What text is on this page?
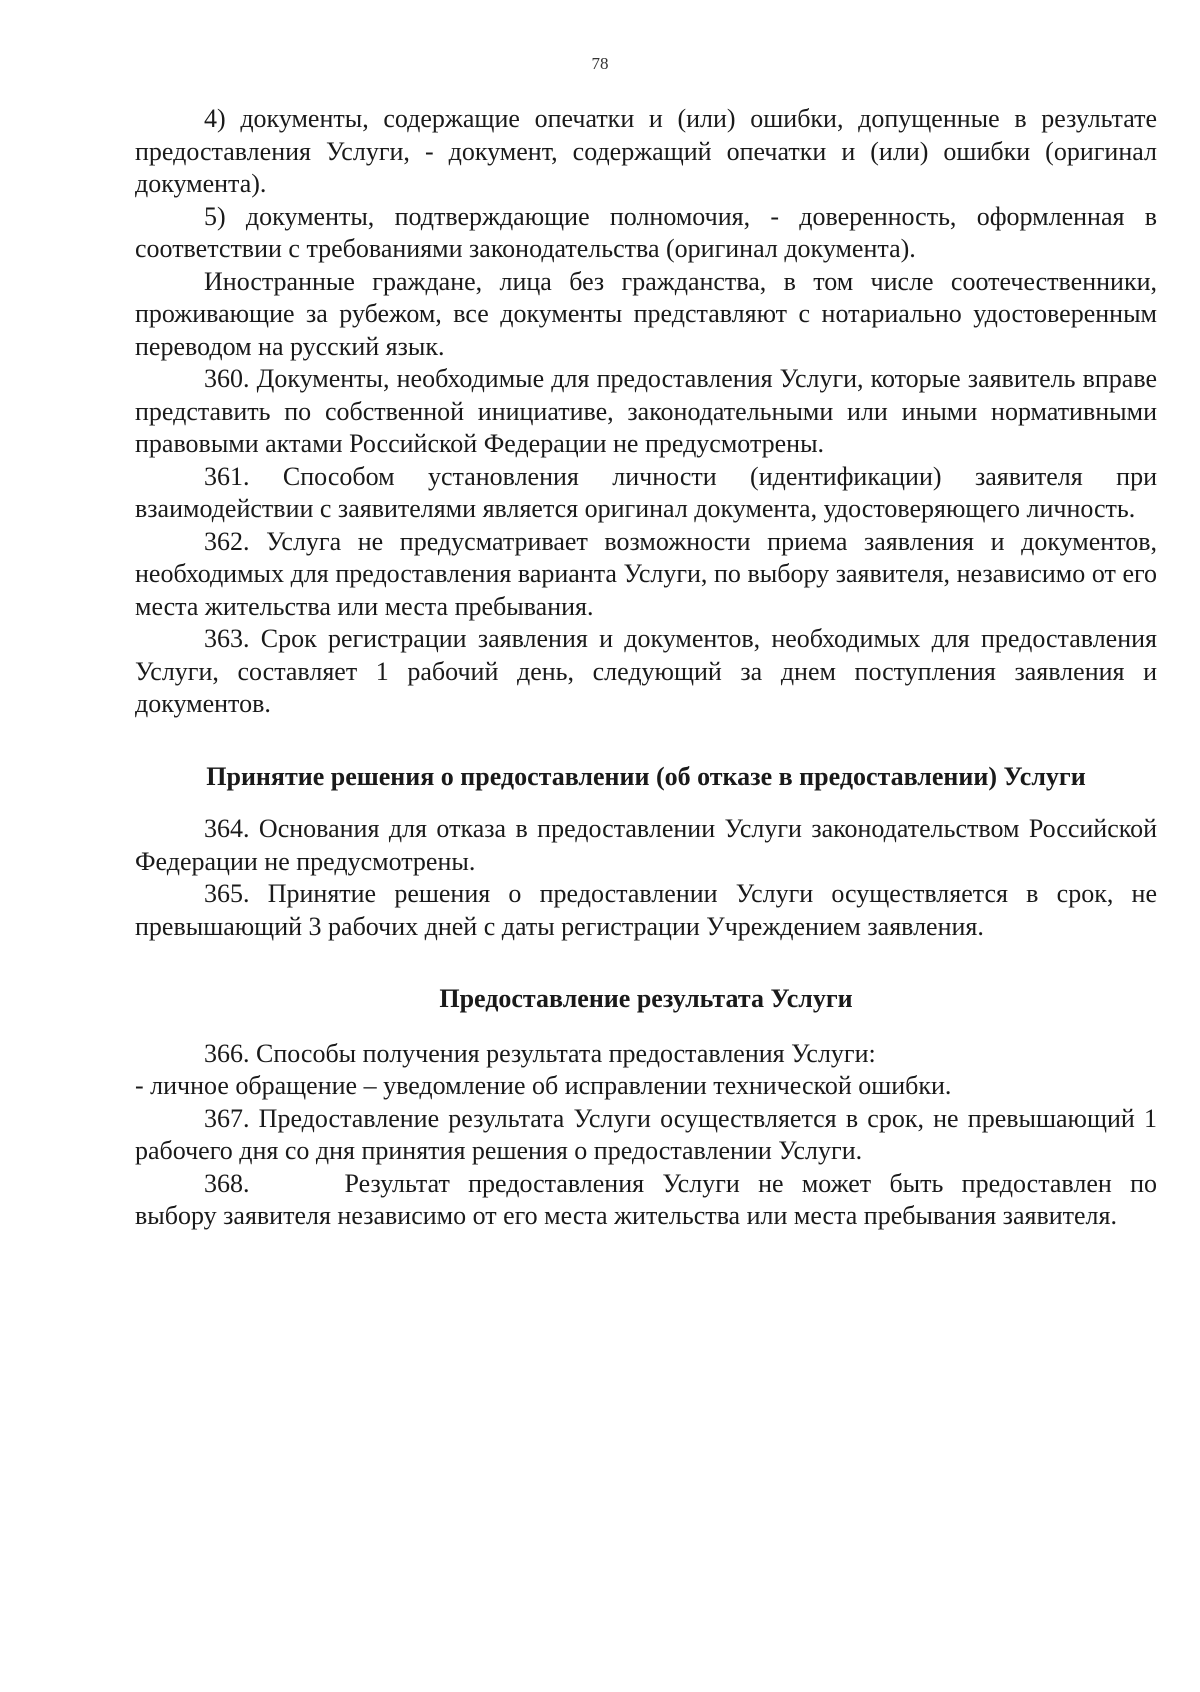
78

4) документы, содержащие опечатки и (или) ошибки, допущенные в результате предоставления Услуги, - документ, содержащий опечатки и (или) ошибки (оригинал документа).

5) документы, подтверждающие полномочия, - доверенность, оформленная в соответствии с требованиями законодательства (оригинал документа).

Иностранные граждане, лица без гражданства, в том числе соотечественники, проживающие за рубежом, все документы представляют с нотариально удостоверенным переводом на русский язык.

360. Документы, необходимые для предоставления Услуги, которые заявитель вправе представить по собственной инициативе, законодательными или иными нормативными правовыми актами Российской Федерации не предусмотрены.

361. Способом установления личности (идентификации) заявителя при взаимодействии с заявителями является оригинал документа, удостоверяющего личность.

362. Услуга не предусматривает возможности приема заявления и документов, необходимых для предоставления варианта Услуги, по выбору заявителя, независимо от его места жительства или места пребывания.

363. Срок регистрации заявления и документов, необходимых для предоставления Услуги, составляет 1 рабочий день, следующий за днем поступления заявления и документов.

Принятие решения о предоставлении (об отказе в предоставлении) Услуги

364. Основания для отказа в предоставлении Услуги законодательством Российской Федерации не предусмотрены.

365. Принятие решения о предоставлении Услуги осуществляется в срок, не превышающий 3 рабочих дней с даты регистрации Учреждением заявления.

Предоставление результата Услуги

366. Способы получения результата предоставления Услуги:

- личное обращение – уведомление об исправлении технической ошибки.

367. Предоставление результата Услуги осуществляется в срок, не превышающий 1 рабочего дня со дня принятия решения о предоставлении Услуги.

368.	Результат предоставления Услуги не может быть предоставлен по выбору заявителя независимо от его места жительства или места пребывания заявителя.
